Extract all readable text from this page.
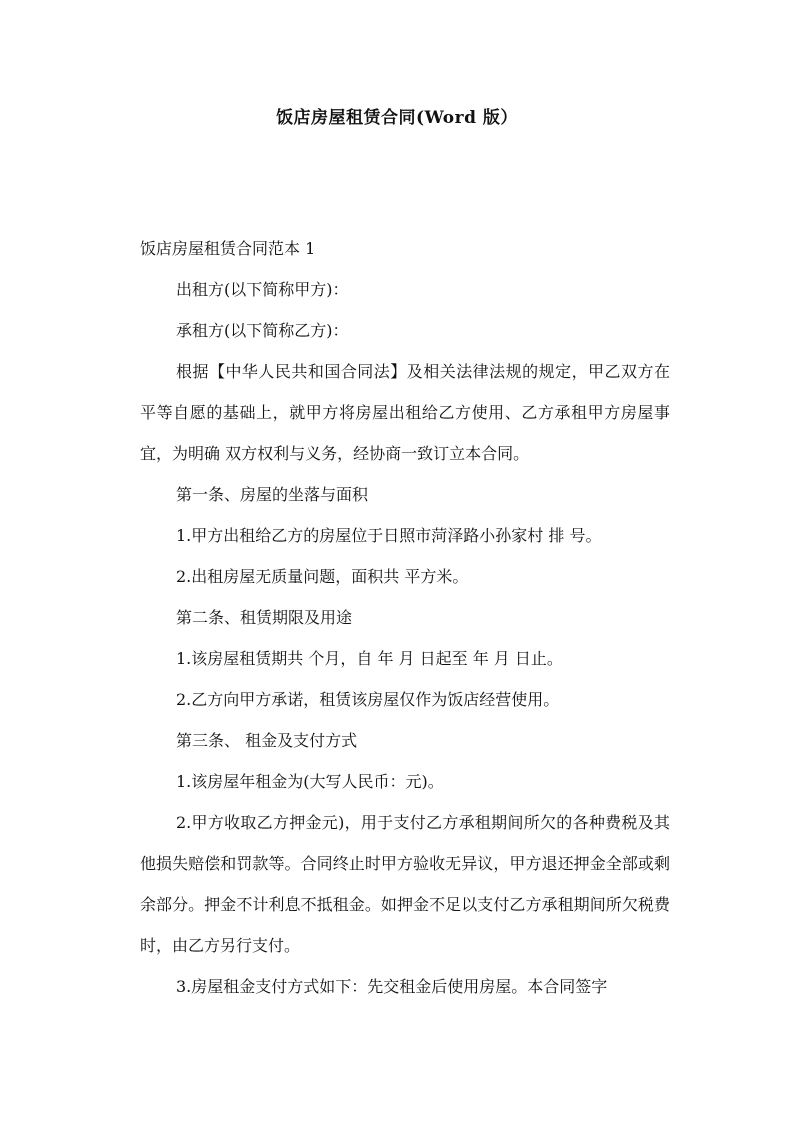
饭店房屋租赁合同(Word 版）

饭店房屋租赁合同范本 1

出租方(以下简称甲方)：

承租方(以下简称乙方)：

根据【中华人民共和国合同法】及相关法律法规的规定，甲乙双方在平等自愿的基础上，就甲方将房屋出租给乙方使用、乙方承租甲方房屋事宜，为明确 双方权利与义务，经协商一致订立本合同。

第一条、房屋的坐落与面积

1.甲方出租给乙方的房屋位于日照市菏泽路小孙家村 排 号。

2.出租房屋无质量问题，面积共 平方米。

第二条、租赁期限及用途

1.该房屋租赁期共 个月，自 年 月 日起至 年 月 日止。

2.乙方向甲方承诺，租赁该房屋仅作为饭店经营使用。

第三条、 租金及支付方式

1.该房屋年租金为(大写人民币：元)。

2.甲方收取乙方押金元)，用于支付乙方承租期间所欠的各种费税及其他损失赔偿和罚款等。合同终止时甲方验收无异议，甲方退还押金全部或剩余部分。押金不计利息不抵租金。如押金不足以支付乙方承租期间所欠税费时，由乙方另行支付。

3.房屋租金支付方式如下：先交租金后使用房屋。本合同签字
